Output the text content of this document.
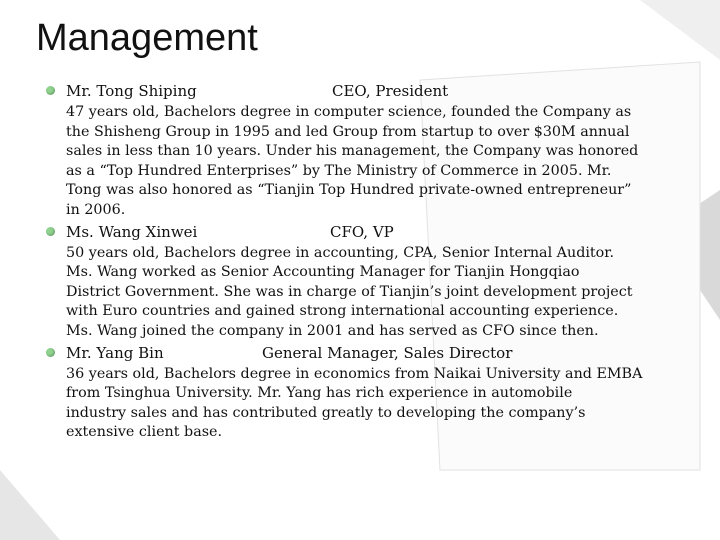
Management
Mr. Tong Shiping	CEO, President
47 years old, Bachelors degree in computer science, founded the Company as
the Shisheng Group in 1995 and led Group from startup to over $30M annual
sales in less than 10 years. Under his management, the Company was honored
as a “Top Hundred Enterprises” by The Ministry of Commerce in 2005. Mr.
Tong was also honored as “Tianjin Top Hundred private-owned entrepreneur”
in 2006.
Ms. Wang Xinwei	CFO, VP
50 years old, Bachelors degree in accounting, CPA, Senior Internal Auditor.
Ms. Wang worked as Senior Accounting Manager for Tianjin Hongqiao
District Government. She was in charge of Tianjin’s joint development project
with Euro countries and gained strong international accounting experience.
Ms. Wang joined the company in 2001 and has served as CFO since then.
Mr. Yang Bin	General Manager, Sales Director
36 years old, Bachelors degree in economics from Naikai University and EMBA
from Tsinghua University. Mr. Yang has rich experience in automobile
industry sales and has contributed greatly to developing the company’s
extensive client base.
